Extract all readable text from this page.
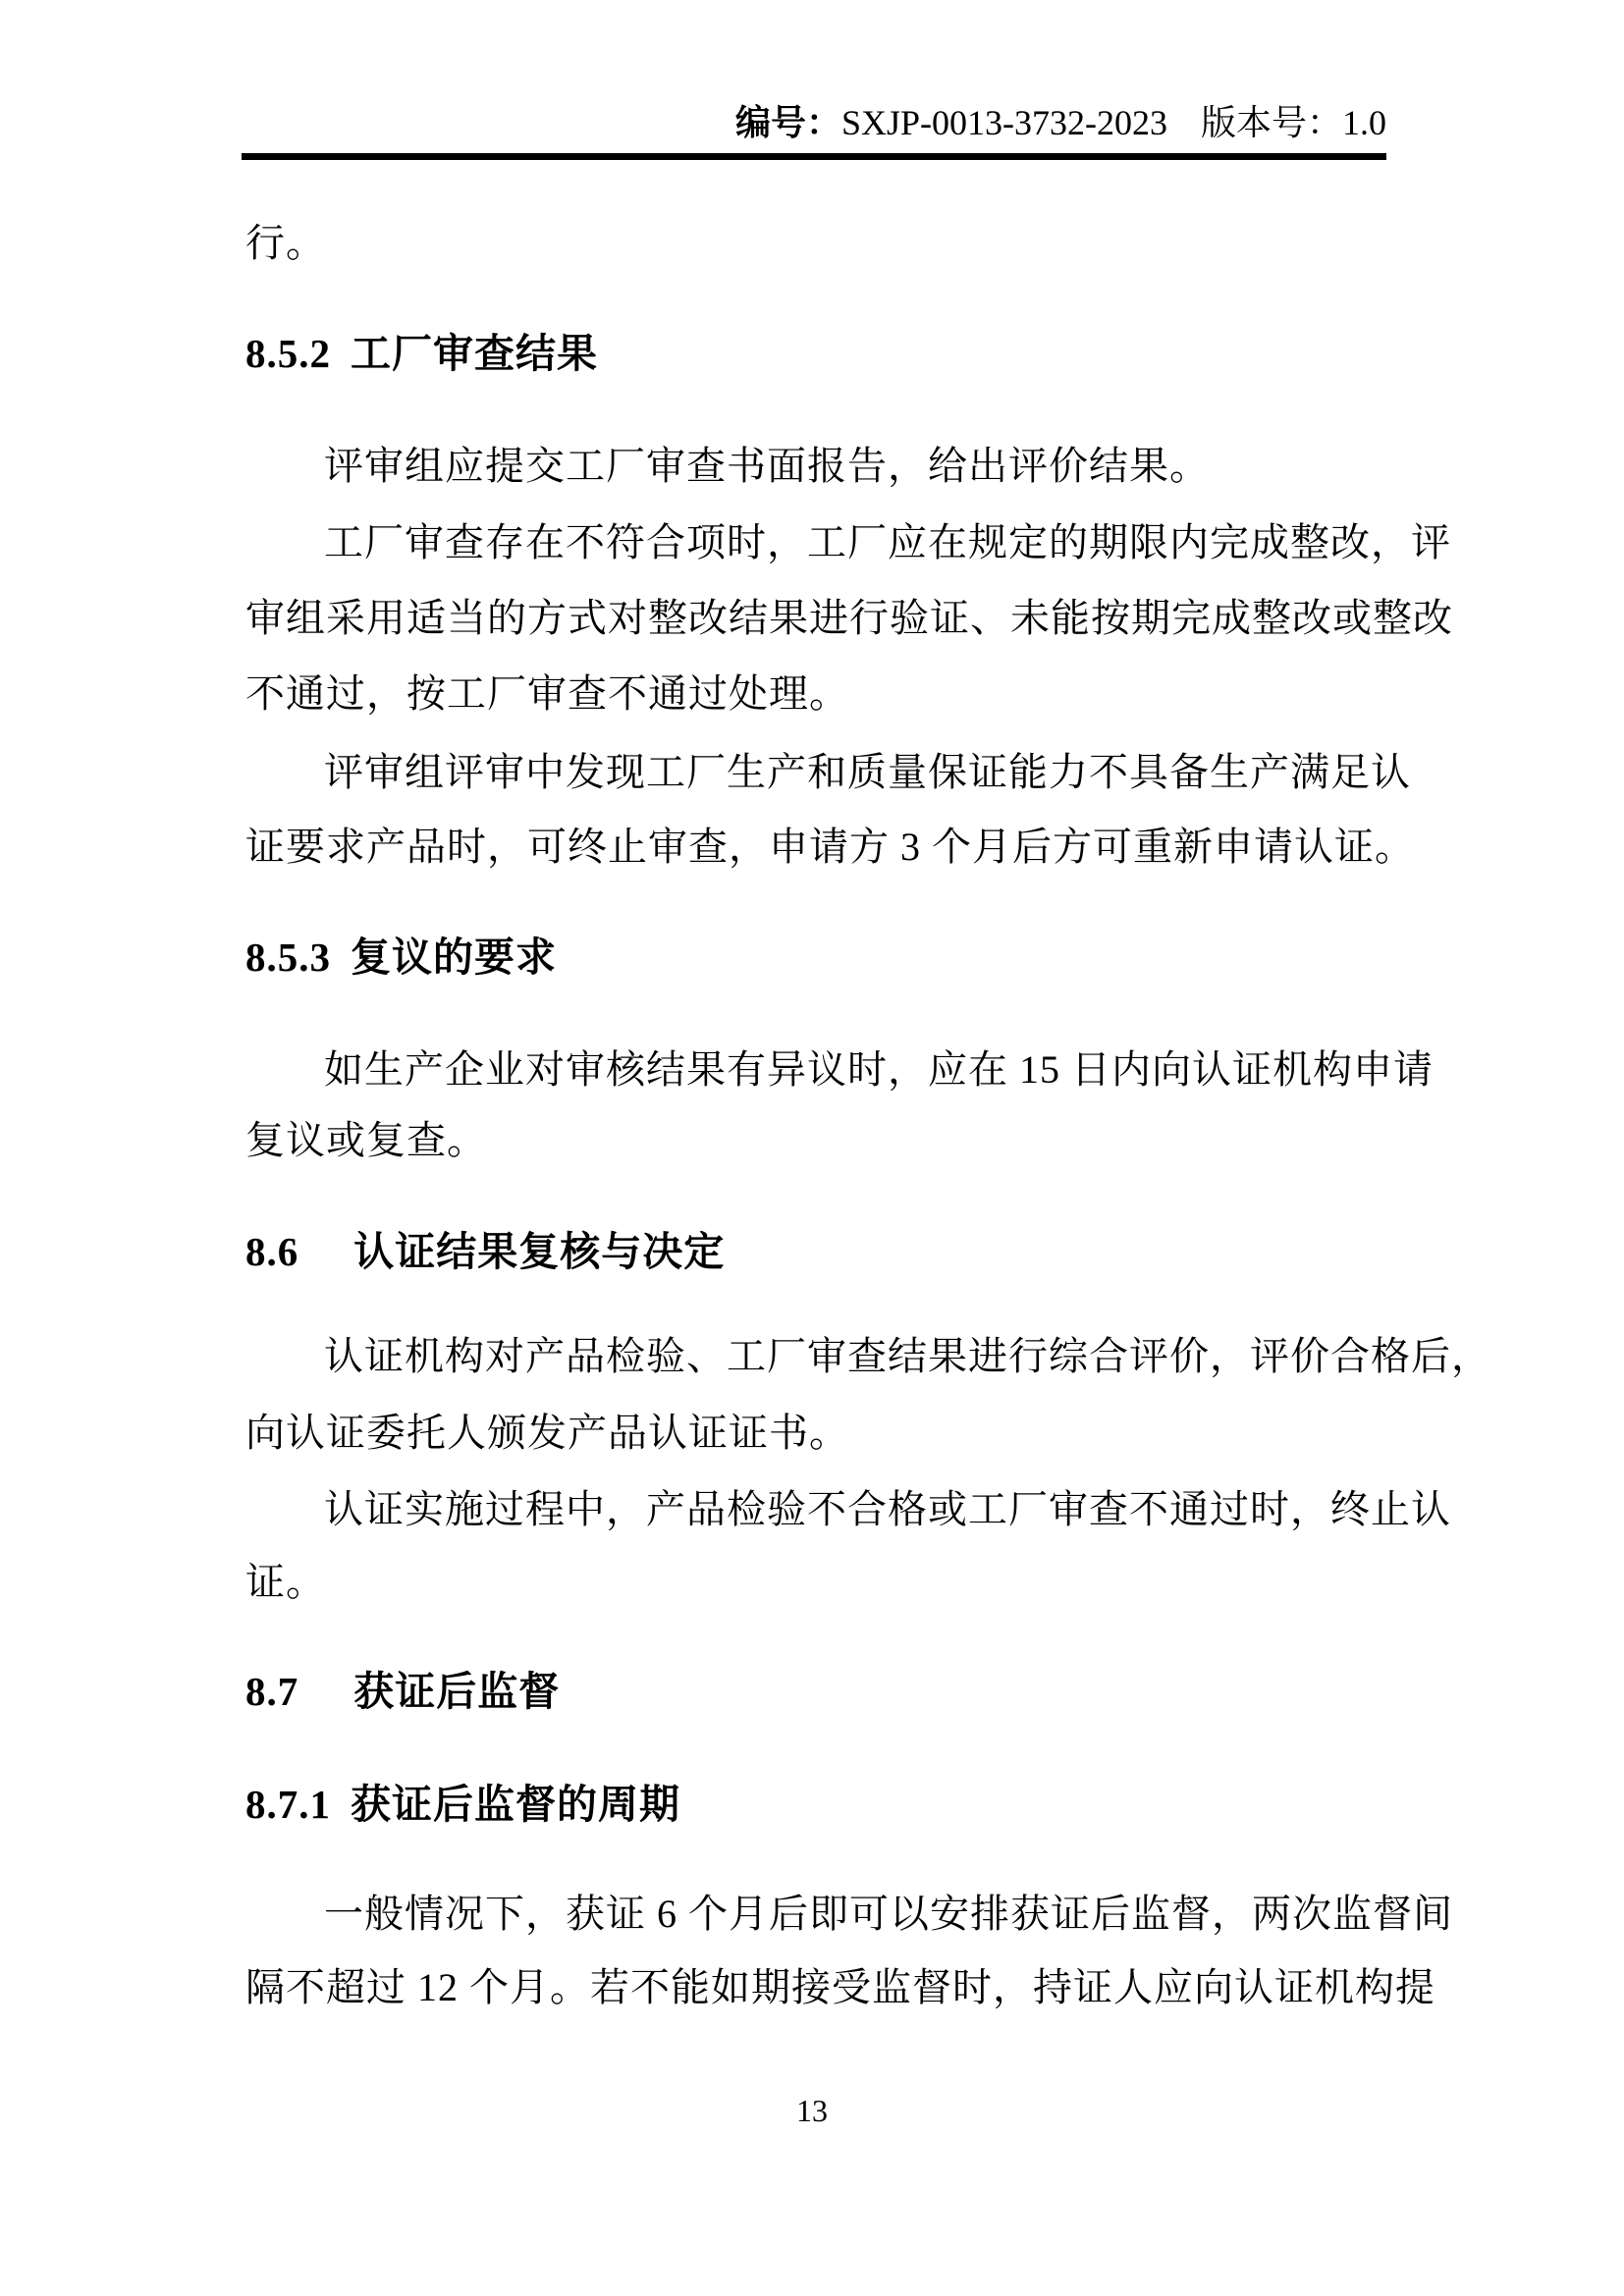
编号：SXJP-0013-3732-2023 版本号：1.0
行。
8.5.2 工厂审查结果
评审组应提交工厂审查书面报告，给出评价结果。
工厂审查存在不符合项时，工厂应在规定的期限内完成整改，评
审组采用适当的方式对整改结果进行验证、未能按期完成整改或整改
不通过，按工厂审查不通过处理。
评审组评审中发现工厂生产和质量保证能力不具备生产满足认
证要求产品时，可终止审查，申请方 3 个月后方可重新申请认证。
8.5.3 复议的要求
如生产企业对审核结果有异议时，应在 15 日内向认证机构申请
复议或复查。
8.6 认证结果复核与决定
认证机构对产品检验、工厂审查结果进行综合评价，评价合格后，
向认证委托人颁发产品认证证书。
认证实施过程中，产品检验不合格或工厂审查不通过时，终止认
证。
8.7 获证后监督
8.7.1 获证后监督的周期
一般情况下，获证 6 个月后即可以安排获证后监督，两次监督间
隔不超过 12 个月。若不能如期接受监督时，持证人应向认证机构提
13
